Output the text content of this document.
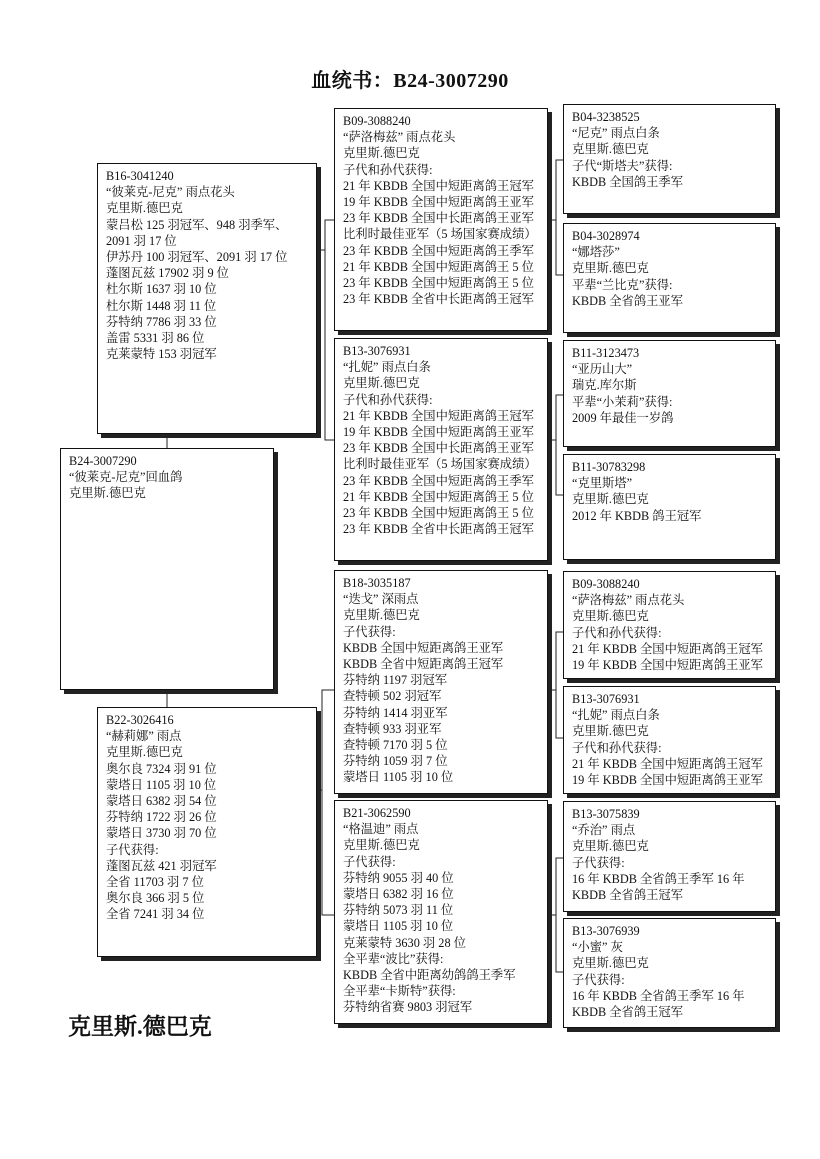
血统书：B24-3007290
B24-3007290
“彼莱克-尼克”回血鸽
克里斯.德巴克
B16-3041240
“彼莱克-尼克” 雨点花头
克里斯.德巴克
蒙吕松 125 羽冠军、948 羽季军、
2091 羽 17 位
伊苏丹 100 羽冠军、2091 羽 17 位
蓬图瓦兹 17902 羽 9 位
杜尔斯 1637 羽 10 位
杜尔斯 1448 羽 11 位
芬特纳 7786 羽 33 位
盖雷 5331 羽 86 位
克莱蒙特 153 羽冠军
B22-3026416
“赫莉娜” 雨点
克里斯.德巴克
奥尔良 7324 羽 91 位
蒙塔日 1105 羽 10 位
蒙塔日 6382 羽 54 位
芬特纳 1722 羽 26 位
蒙塔日 3730 羽 70 位
子代获得:
蓬图瓦兹 421 羽冠军
全省 11703 羽 7 位
奥尔良 366 羽 5 位
全省 7241 羽 34 位
B09-3088240
“萨洛梅兹” 雨点花头
克里斯.德巴克
子代和孙代获得:
21 年 KBDB 全国中短距离鸽王冠军
19 年 KBDB 全国中短距离鸽王亚军
23 年 KBDB 全国中长距离鸽王亚军
比利时最佳亚军（5 场国家赛成绩）
23 年 KBDB 全国中短距离鸽王季军
21 年 KBDB 全国中短距离鸽王 5 位
23 年 KBDB 全国中短距离鸽王 5 位
23 年 KBDB 全省中长距离鸽王冠军
B13-3076931
“扎妮” 雨点白条
克里斯.德巴克
子代和孙代获得:
21 年 KBDB 全国中短距离鸽王冠军
19 年 KBDB 全国中短距离鸽王亚军
23 年 KBDB 全国中长距离鸽王亚军
比利时最佳亚军（5 场国家赛成绩）
23 年 KBDB 全国中短距离鸽王季军
21 年 KBDB 全国中短距离鸽王 5 位
23 年 KBDB 全国中短距离鸽王 5 位
23 年 KBDB 全省中长距离鸽王冠军
B18-3035187
“迭戈” 深雨点
克里斯.德巴克
子代获得:
KBDB 全国中短距离鸽王亚军
KBDB 全省中短距离鸽王冠军
芬特纳 1197 羽冠军
查特顿 502 羽冠军
芬特纳 1414 羽亚军
查特顿 933 羽亚军
查特顿 7170 羽 5 位
芬特纳 1059 羽 7 位
蒙塔日 1105 羽 10 位
B21-3062590
“格温迪” 雨点
克里斯.德巴克
子代获得:
芬特纳 9055 羽 40 位
蒙塔日 6382 羽 16 位
芬特纳 5073 羽 11 位
蒙塔日 1105 羽 10 位
克莱蒙特 3630 羽 28 位
全平辈“波比”获得:
KBDB 全省中距离幼鸽鸽王季军
全平辈“卡斯特”获得:
芬特纳省赛 9803 羽冠军
B04-3238525
“尼克” 雨点白条
克里斯.德巴克
子代“斯塔夫”获得:
KBDB 全国鸽王季军
B04-3028974
“娜塔莎”
克里斯.德巴克
平辈“兰比克”获得:
KBDB 全省鸽王亚军
B11-3123473
“亚历山大”
瑞克.库尔斯
平辈“小茉莉”获得:
2009 年最佳一岁鸽
B11-30783298
“克里斯塔”
克里斯.德巴克
2012 年 KBDB 鸽王冠军
B09-3088240
“萨洛梅兹” 雨点花头
克里斯.德巴克
子代和孙代获得:
21 年 KBDB 全国中短距离鸽王冠军
19 年 KBDB 全国中短距离鸽王亚军
B13-3076931
“扎妮” 雨点白条
克里斯.德巴克
子代和孙代获得:
21 年 KBDB 全国中短距离鸽王冠军
19 年 KBDB 全国中短距离鸽王亚军
B13-3075839
“乔治” 雨点
克里斯.德巴克
子代获得:
16 年 KBDB 全省鸽王季军 16 年
KBDB 全省鸽王冠军
B13-3076939
“小蜜” 灰
克里斯.德巴克
子代获得:
16 年 KBDB 全省鸽王季军 16 年
KBDB 全省鸽王冠军
克里斯.德巴克
